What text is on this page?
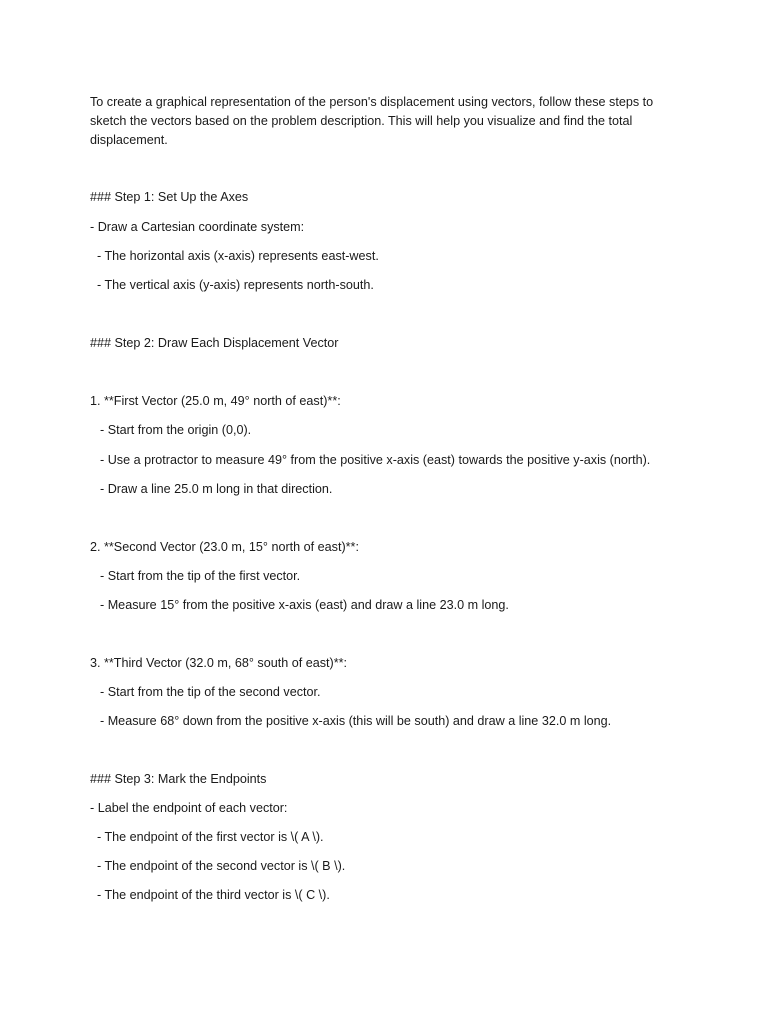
To create a graphical representation of the person's displacement using vectors, follow these steps to
sketch the vectors based on the problem description. This will help you visualize and find the total
displacement.
### Step 1: Set Up the Axes
- Draw a Cartesian coordinate system:
- The horizontal axis (x-axis) represents east-west.
- The vertical axis (y-axis) represents north-south.
### Step 2: Draw Each Displacement Vector
1. **First Vector (25.0 m, 49° north of east)**:
- Start from the origin (0,0).
- Use a protractor to measure 49° from the positive x-axis (east) towards the positive y-axis (north).
- Draw a line 25.0 m long in that direction.
2. **Second Vector (23.0 m, 15° north of east)**:
- Start from the tip of the first vector.
- Measure 15° from the positive x-axis (east) and draw a line 23.0 m long.
3. **Third Vector (32.0 m, 68° south of east)**:
- Start from the tip of the second vector.
- Measure 68° down from the positive x-axis (this will be south) and draw a line 32.0 m long.
### Step 3: Mark the Endpoints
- Label the endpoint of each vector:
- The endpoint of the first vector is \( A \).
- The endpoint of the second vector is \( B \).
- The endpoint of the third vector is \( C \).
